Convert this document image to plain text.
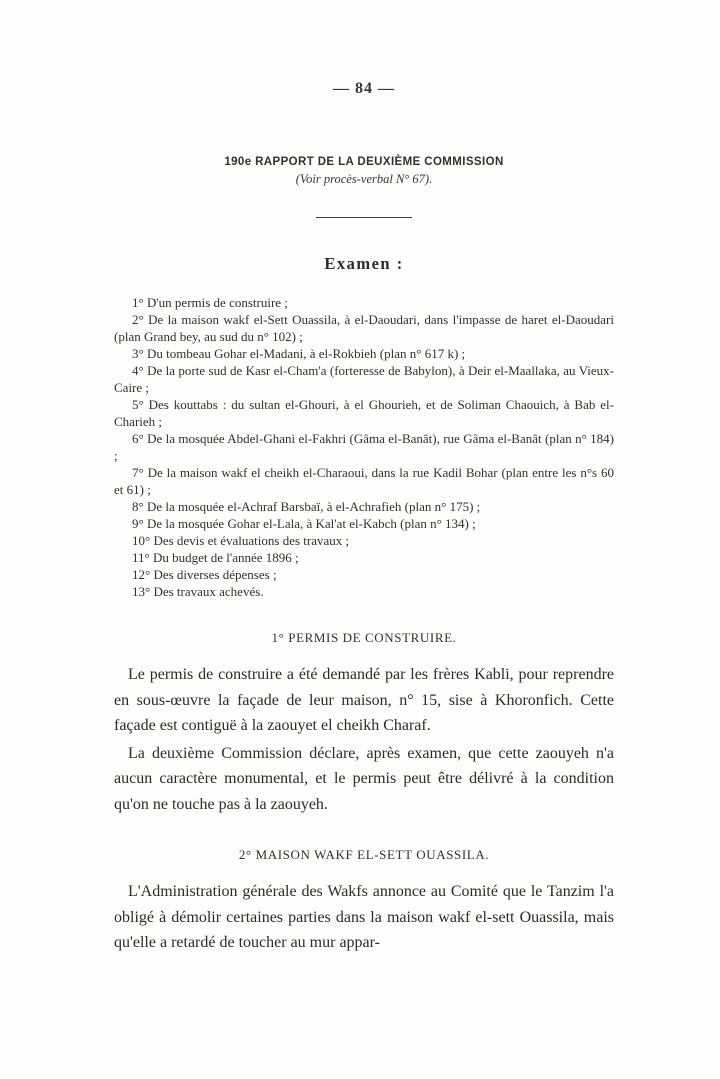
— 84 —
190e RAPPORT DE LA DEUXIÈME COMMISSION
(Voir procès-verbal N° 67).
Examen :

1° D'un permis de construire ;

2° De la maison wakf el-Sett Ouassila, à el-Daoudari, dans l'impasse de haret el-Daoudari (plan Grand bey, au sud du n° 102) ;

3° Du tombeau Gohar el-Madani, à el-Rokbieh (plan n° 617 k) ;

4° De la porte sud de Kasr el-Cham'a (forteresse de Babylon), à Deir el-Maallaka, au Vieux-Caire ;

5° Des kouttabs : du sultan el-Ghouri, à el Ghourieh, et de Soliman Chaouich, à Bab el-Charieh ;

6° De la mosquée Abdel-Ghani el-Fakhri (Gâma el-Banât), rue Gâma el-Banât (plan n° 184) ;

7° De la maison wakf el cheikh el-Charaoui, dans la rue Kadil Bohar (plan entre les n°s 60 et 61) ;

8° De la mosquée el-Achraf Barsbaï, à el-Achrafieh (plan n° 175) ;

9° De la mosquée Gohar el-Lala, à Kal'at el-Kabch (plan n° 134) ;

10° Des devis et évaluations des travaux ;

11° Du budget de l'année 1896 ;

12° Des diverses dépenses ;

13° Des travaux achevés.

1° PERMIS DE CONSTRUIRE.

Le permis de construire a été demandé par les frères Kabli, pour reprendre en sous-œuvre la façade de leur maison, n° 15, sise à Khoronfich. Cette façade est contiguë à la zaouyet el cheikh Charaf.

La deuxième Commission déclare, après examen, que cette zaouyeh n'a aucun caractère monumental, et le permis peut être délivré à la condition qu'on ne touche pas à la zaouyeh.

2° MAISON WAKF EL-SETT OUASSILA.

L'Administration générale des Wakfs annonce au Comité que le Tanzim l'a obligé à démolir certaines parties dans la maison wakf el-sett Ouassila, mais qu'elle a retardé de toucher au mur appar-
